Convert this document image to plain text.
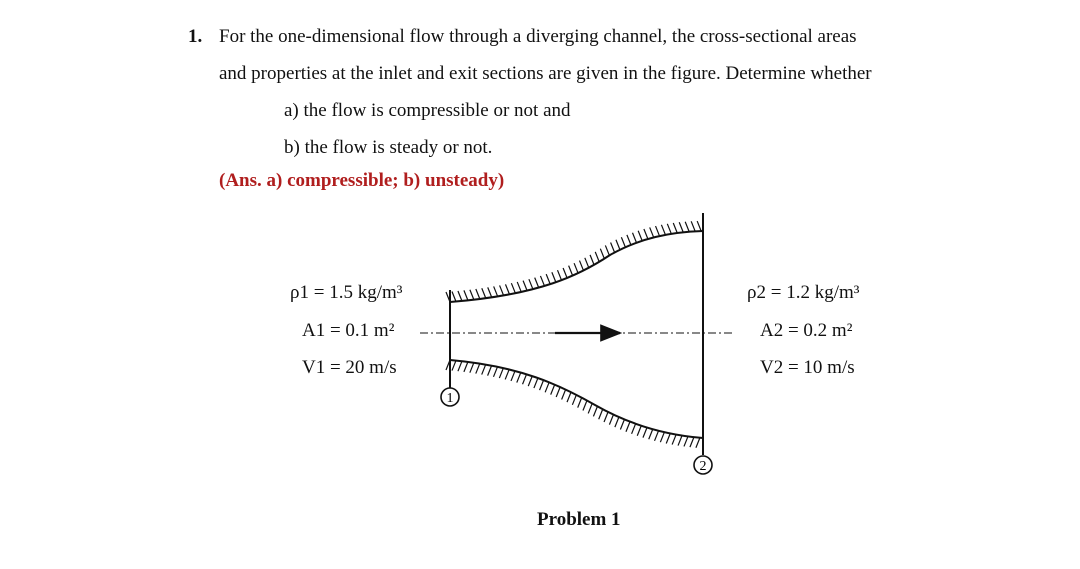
1. For the one-dimensional flow through a diverging channel, the cross-sectional areas
and properties at the inlet and exit sections are given in the figure. Determine whether
a) the flow is compressible or not and
b) the flow is steady or not.
(Ans. a) compressible; b) unsteady)
1
2
ρ1 = 1.5 kg/m³
A1 = 0.1 m²
V1 = 20 m/s
ρ2 = 1.2 kg/m³
A2 = 0.2 m²
V2 = 10 m/s
Problem 1
